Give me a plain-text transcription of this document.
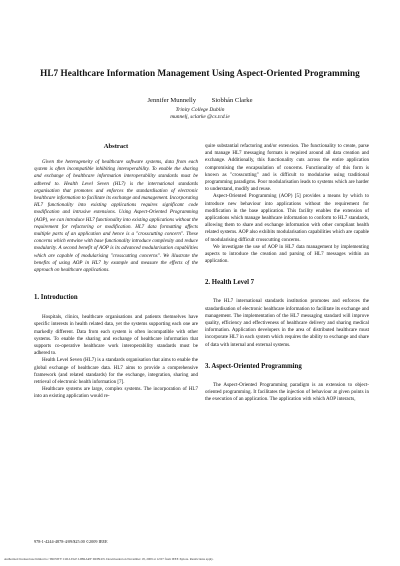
HL7 Healthcare Information Management Using Aspect-Oriented Programming
Jennifer Munnelly Siobhán Clarke
Trinity College Dublin
munnelj, sclarke @cs.tcd.ie
Abstract

Given the heterogeneity of healthcare software systems, data from each system is often incompatible inhibiting interoperability. To enable the sharing and exchange of healthcare information interoperability standards must be adhered to. Health Level Seven (HL7) is the international standards organisation that promotes and enforces the standardisation of electronic healthcare information to facilitate its exchange and management. Incorporating HL7 functionality into existing applications requires significant code modification and intrusive extensions. Using Aspect-Oriented Programming (AOP), we can introduce HL7 functionality into existing applications without the requirement for refactoring or modification. HL7 data formatting affects multiple parts of an application and hence is a "crosscutting concern". These concerns which entwine with base functionality introduce complexity and reduce modularity. A second benefit of AOP is its advanced modularisation capabilities which are capable of modularising "crosscutting concerns". We illustrate the benefits of using AOP in HL7 by example and measure the effects of the approach on healthcare applications.

1. Introduction

Hospitals, clinics, healthcare organisations and patients themselves have specific interests in health related data, yet the systems supporting each one are markedly different. Data from each system is often incompatible with other systems. To enable the sharing and exchange of healthcare information that supports co-operative healthcare work interoperability standards must be adhered to.

Health Level Seven (HL7) is a standards organisation that aims to enable the global exchange of healthcare data. HL7 aims to provide a comprehensive framework (and related standards) for the exchange, integration, sharing and retrieval of electronic health information [7].

Healthcare systems are large, complex systems. The incorporation of HL7 into an existing application would re-

quire substantial refactoring and/or extension. The functionality to create, parse and manage HL7 messaging formats is required around all data creation and exchange. Additionally, this functionality cuts across the entire application compromising the encapsulation of concerns. Functionality of this form is known as "crosscutting" and is difficult to modularise using traditional programming paradigms. Poor modularisation leads to systems which are harder to understand, modify and reuse.

Aspect-Oriented Programming (AOP) [5] provides a means by which to introduce new behaviour into applications without the requirement for modification in the base application. This facility enables the extension of applications which manage healthcare information to conform to HL7 standards, allowing them to share and exchange information with other compliant health related systems. AOP also exhibits modularisation capabilities which are capable of modularising difficult crosscutting concerns.

We investigate the use of AOP in HL7 data management by implementing aspects to introduce the creation and parsing of HL7 messages within an application.

2. Health Level 7

The HL7 international standards institution promotes and enforces the standardisation of electronic healthcare information to facilitate its exchange and management. The implementation of the HL7 messaging standard will improve quality, efficiency and effectiveness of healthcare delivery and sharing medical information. Application developers in the area of distributed healthcare must incorporate HL7 in each system which requires the ability to exchange and share of data with internal and external systems.

3. Aspect-Oriented Programming

The Aspect-Oriented Programming paradigm is an extension to object-oriented programming. It facilitates the injection of behaviour at given points in the execution of an application. The application with which AOP interacts,

978-1-4244-4878-4/09/$25.00 ©2009 IEEE
Authorized licensed use limited to: TRINITY COLLEGE LIBRARY DUBLIN. Downloaded on November 18, 2009 at 12:07 from IEEE Xplore. Restrictions apply.
